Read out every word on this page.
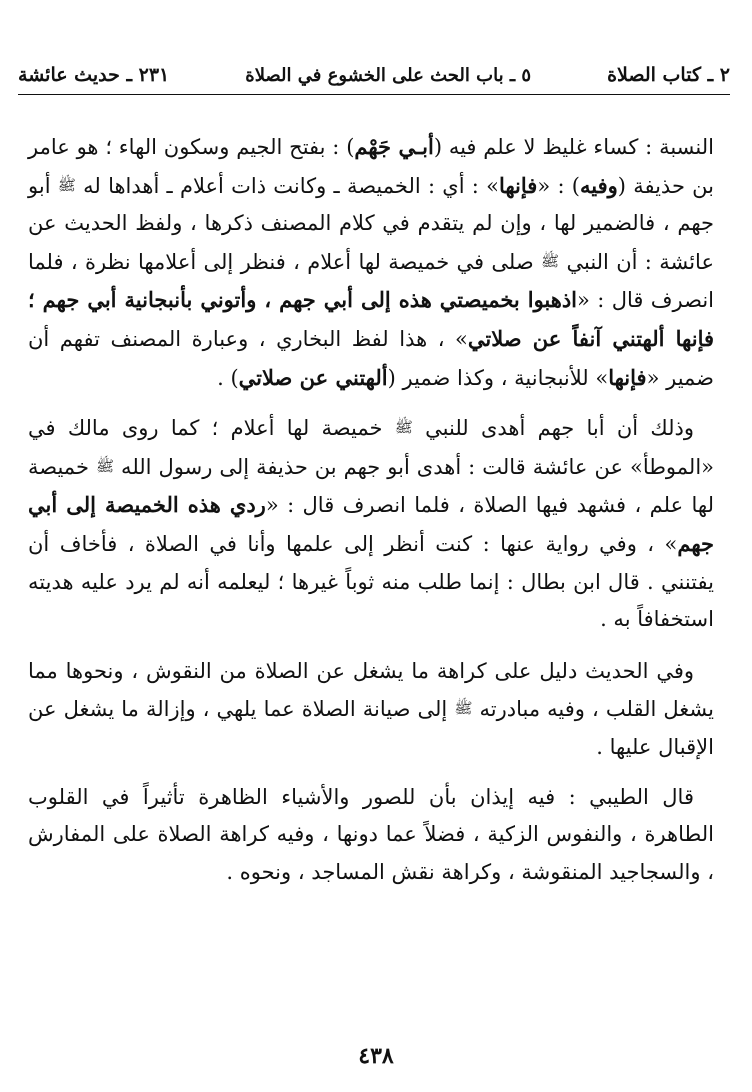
٢ ـ كتاب الصلاة
٥ ـ باب الحث على الخشوع في الصلاة
٢٣١ ـ حديث عائشة

النسبة : كساء غليظ لا علم فيه (أبـي جَهْم) : بفتح الجيم وسكون الهاء ؛ هو عامر بن حذيفة (وفيه) : «فإنها» : أي : الخميصة ـ وكانت ذات أعلام ـ أهداها له ﷺ أبو جهم ، فالضمير لها ، وإن لم يتقدم في كلام المصنف ذكرها ، ولفظ الحديث عن عائشة : أن النبي ﷺ صلى في خميصة لها أعلام ، فنظر إلى أعلامها نظرة ، فلما انصرف قال : «اذهبوا بخميصتي هذه إلى أبي جهم ، وأتوني بأنبجانية أبي جهم ؛ فإنها ألهتني آنفاً عن صلاتي» ، هذا لفظ البخاري ، وعبارة المصنف تفهم أن ضمير «فإنها» للأنبجانية ، وكذا ضمير (ألهتني عن صلاتي) .

وذلك أن أبا جهم أهدى للنبي ﷺ خميصة لها أعلام ؛ كما روى مالك في «الموطأ» عن عائشة قالت : أهدى أبو جهم بن حذيفة إلى رسول الله ﷺ خميصة لها علم ، فشهد فيها الصلاة ، فلما انصرف قال : «ردي هذه الخميصة إلى أبي جهم» ، وفي رواية عنها : كنت أنظر إلى علمها وأنا في الصلاة ، فأخاف أن يفتنني . قال ابن بطال : إنما طلب منه ثوباً غيرها ؛ ليعلمه أنه لم يرد عليه هديته استخفافاً به .

وفي الحديث دليل على كراهة ما يشغل عن الصلاة من النقوش ، ونحوها مما يشغل القلب ، وفيه مبادرته ﷺ إلى صيانة الصلاة عما يلهي ، وإزالة ما يشغل عن الإقبال عليها .

قال الطيبي : فيه إيذان بأن للصور والأشياء الظاهرة تأثيراً في القلوب الطاهرة ، والنفوس الزكية ، فضلاً عما دونها ، وفيه كراهة الصلاة على المفارش ، والسجاجيد المنقوشة ، وكراهة نقش المساجد ، ونحوه .

٤٣٨
